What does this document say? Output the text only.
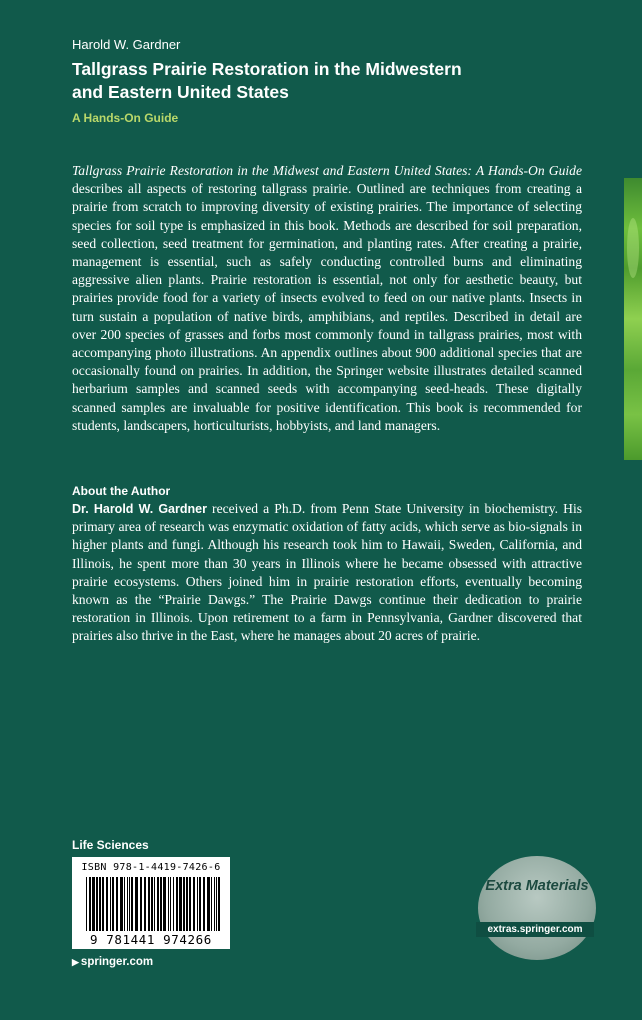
Harold W. Gardner
Tallgrass Prairie Restoration in the Midwestern and Eastern United States
A Hands-On Guide

Tallgrass Prairie Restoration in the Midwest and Eastern United States: A Hands-On Guide describes all aspects of restoring tallgrass prairie. Outlined are techniques from creating a prairie from scratch to improving diversity of existing prairies. The importance of selecting species for soil type is emphasized in this book. Methods are described for soil preparation, seed collection, seed treatment for germination, and planting rates. After creating a prairie, management is essential, such as safely conducting controlled burns and eliminating aggressive alien plants. Prairie restoration is essential, not only for aesthetic beauty, but prairies provide food for a variety of insects evolved to feed on our native plants. Insects in turn sustain a population of native birds, amphibians, and reptiles. Described in detail are over 200 species of grasses and forbs most commonly found in tallgrass prairies, most with accompanying photo illustrations. An appendix outlines about 900 additional species that are occasionally found on prairies. In addition, the Springer website illustrates detailed scanned herbarium samples and scanned seeds with accompanying seed-heads. These digitally scanned samples are invaluable for positive identification. This book is recommended for students, landscapers, horticulturists, hobbyists, and land managers.

About the Author

Dr. Harold W. Gardner received a Ph.D. from Penn State University in biochemistry. His primary area of research was enzymatic oxidation of fatty acids, which serve as bio-signals in higher plants and fungi. Although his research took him to Hawaii, Sweden, California, and Illinois, he spent more than 30 years in Illinois where he became obsessed with attractive prairie ecosystems. Others joined him in prairie restoration efforts, eventually becoming known as the “Prairie Dawgs.” The Prairie Dawgs continue their dedication to prairie restoration in Illinois. Upon retirement to a farm in Pennsylvania, Gardner discovered that prairies also thrive in the East, where he manages about 20 acres of prairie.

Life Sciences
ISBN 978-1-4419-7426-6
9 781441 974266
▶ springer.com
Extra Materials
extras.springer.com
